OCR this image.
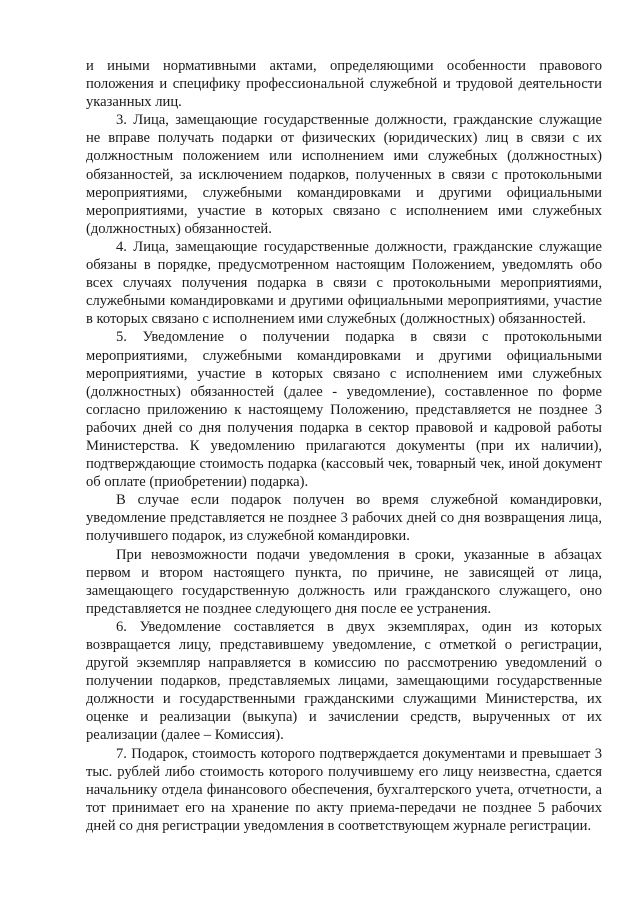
и иными нормативными актами, определяющими особенности правового положения и специфику профессиональной служебной и трудовой деятельности указанных лиц.

3. Лица, замещающие государственные должности, гражданские служащие не вправе получать подарки от физических (юридических) лиц в связи с их должностным положением или исполнением ими служебных (должностных) обязанностей, за исключением подарков, полученных в связи с протокольными мероприятиями, служебными командировками и другими официальными мероприятиями, участие в которых связано с исполнением ими служебных (должностных) обязанностей.

4. Лица, замещающие государственные должности, гражданские служащие обязаны в порядке, предусмотренном настоящим Положением, уведомлять обо всех случаях получения подарка в связи с протокольными мероприятиями, служебными командировками и другими официальными мероприятиями, участие в которых связано с исполнением ими служебных (должностных) обязанностей.

5. Уведомление о получении подарка в связи с протокольными мероприятиями, служебными командировками и другими официальными мероприятиями, участие в которых связано с исполнением ими служебных (должностных) обязанностей (далее - уведомление), составленное по форме согласно приложению к настоящему Положению, представляется не позднее 3 рабочих дней со дня получения подарка в сектор правовой и кадровой работы Министерства. К уведомлению прилагаются документы (при их наличии), подтверждающие стоимость подарка (кассовый чек, товарный чек, иной документ об оплате (приобретении) подарка).

В случае если подарок получен во время служебной командировки, уведомление представляется не позднее 3 рабочих дней со дня возвращения лица, получившего подарок, из служебной командировки.

При невозможности подачи уведомления в сроки, указанные в абзацах первом и втором настоящего пункта, по причине, не зависящей от лица, замещающего государственную должность или гражданского служащего, оно представляется не позднее следующего дня после ее устранения.

6. Уведомление составляется в двух экземплярах, один из которых возвращается лицу, представившему уведомление, с отметкой о регистрации, другой экземпляр направляется в комиссию по рассмотрению уведомлений о получении подарков, представляемых лицами, замещающими государственные должности и государственными гражданскими служащими Министерства, их оценке и реализации (выкупа) и зачислении средств, вырученных от их реализации (далее – Комиссия).

7. Подарок, стоимость которого подтверждается документами и превышает 3 тыс. рублей либо стоимость которого получившему его лицу неизвестна, сдается начальнику отдела финансового обеспечения, бухгалтерского учета, отчетности, а тот принимает его на хранение по акту приема-передачи не позднее 5 рабочих дней со дня регистрации уведомления в соответствующем журнале регистрации.
